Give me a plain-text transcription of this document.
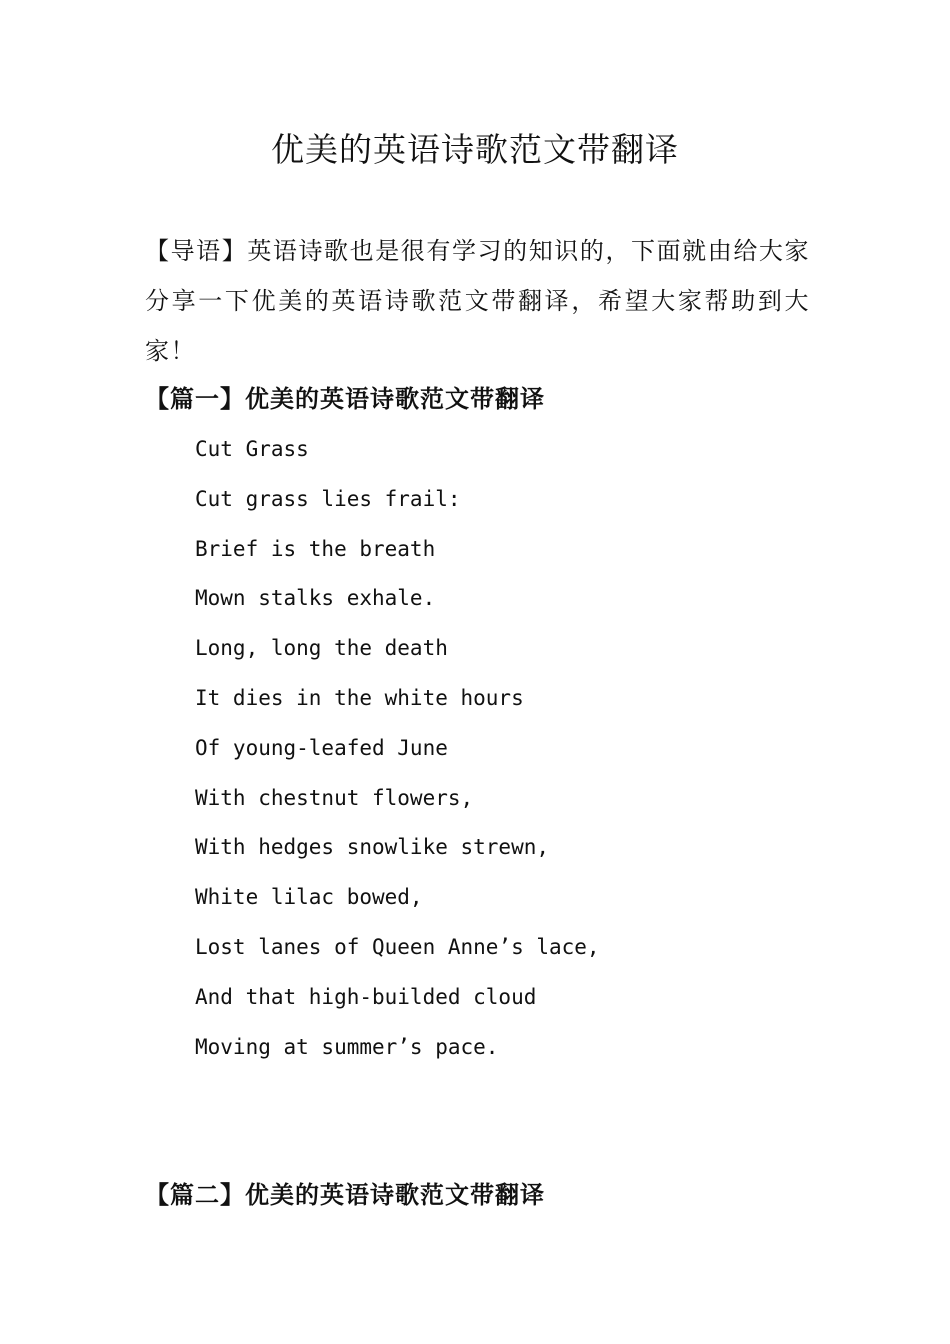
优美的英语诗歌范文带翻译

【导语】英语诗歌也是很有学习的知识的，下面就由给大家分享一下优美的英语诗歌范文带翻译，希望大家帮助到大家！

【篇一】优美的英语诗歌范文带翻译
Cut Grass
Cut grass lies frail:
Brief is the breath
Mown stalks exhale.
Long, long the death
It dies in the white hours
Of young-leafed June
With chestnut flowers,
With hedges snowlike strewn,
White lilac bowed,
Lost lanes of Queen Anne’s lace,
And that high-builded cloud
Moving at summer’s pace.
【篇二】优美的英语诗歌范文带翻译
